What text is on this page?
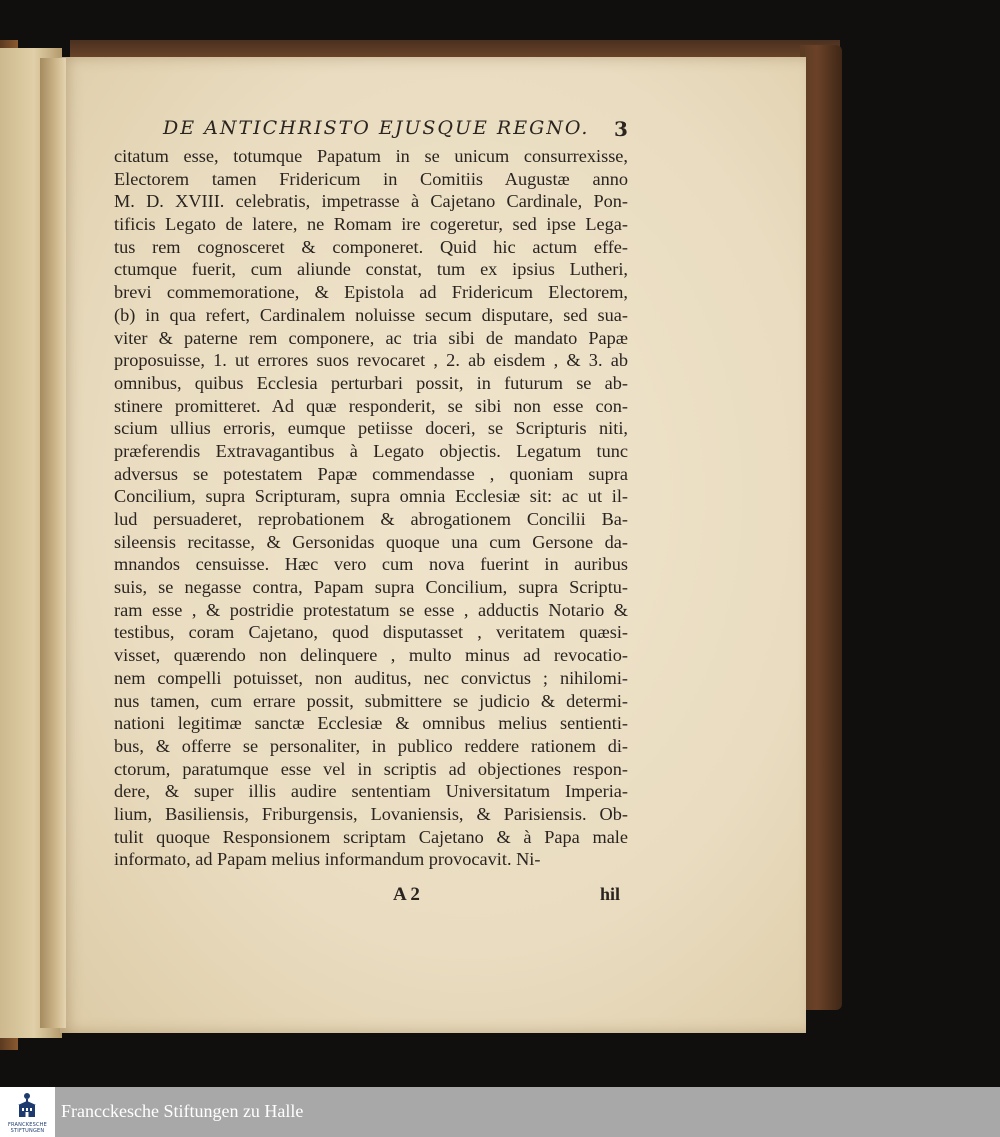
DE ANTICHRISTO EJUSQUE REGNO. 3
citatum esse, totumque Papatum in se unicum consurrexisse,
Electorem tamen Fridericum in Comitiis Augustæ anno
M. D. XVIII. celebratis, impetrasse à Cajetano Cardinale, Pon-
tificis Legato de latere, ne Romam ire cogeretur, sed ipse Lega-
tus rem cognosceret & componeret. Quid hic actum effe-
ctumque fuerit, cum aliunde constat, tum ex ipsius Lutheri,
brevi commemoratione, & Epistola ad Fridericum Electorem,
(b) in qua refert, Cardinalem noluisse secum disputare, sed sua-
viter & paterne rem componere, ac tria sibi de mandato Papæ
proposuisse, 1. ut errores suos revocaret , 2. ab eisdem , & 3. ab
omnibus, quibus Ecclesia perturbari possit, in futurum se ab-
stinere promitteret. Ad quæ responderit, se sibi non esse con-
scium ullius erroris, eumque petiisse doceri, se Scripturis niti,
præferendis Extravagantibus à Legato objectis. Legatum tunc
adversus se potestatem Papæ commendasse , quoniam supra
Concilium, supra Scripturam, supra omnia Ecclesiæ sit: ac ut il-
lud persuaderet, reprobationem & abrogationem Concilii Ba-
sileensis recitasse, & Gersonidas quoque una cum Gersone da-
mnandos censuisse. Hæc vero cum nova fuerint in auribus
suis, se negasse contra, Papam supra Concilium, supra Scriptu-
ram esse , & postridie protestatum se esse , adductis Notario &
testibus, coram Cajetano, quod disputasset , veritatem quæsi-
visset, quærendo non delinquere , multo minus ad revocatio-
nem compelli potuisset, non auditus, nec convictus ; nihilomi-
nus tamen, cum errare possit, submittere se judicio & determi-
nationi legitimæ sanctæ Ecclesiæ & omnibus melius sentienti-
bus, & offerre se personaliter, in publico reddere rationem di-
ctorum, paratumque esse vel in scriptis ad objectiones respon-
dere, & super illis audire sententiam Universitatum Imperia-
lium, Basiliensis, Friburgensis, Lovaniensis, & Parisiensis. Ob-
tulit quoque Responsionem scriptam Cajetano & à Papa male
informato, ad Papam melius informandum provocavit. Ni-
A 2	hil
FRANCKESCHE
STIFTUNGEN
Francckesche Stiftungen zu Halle
